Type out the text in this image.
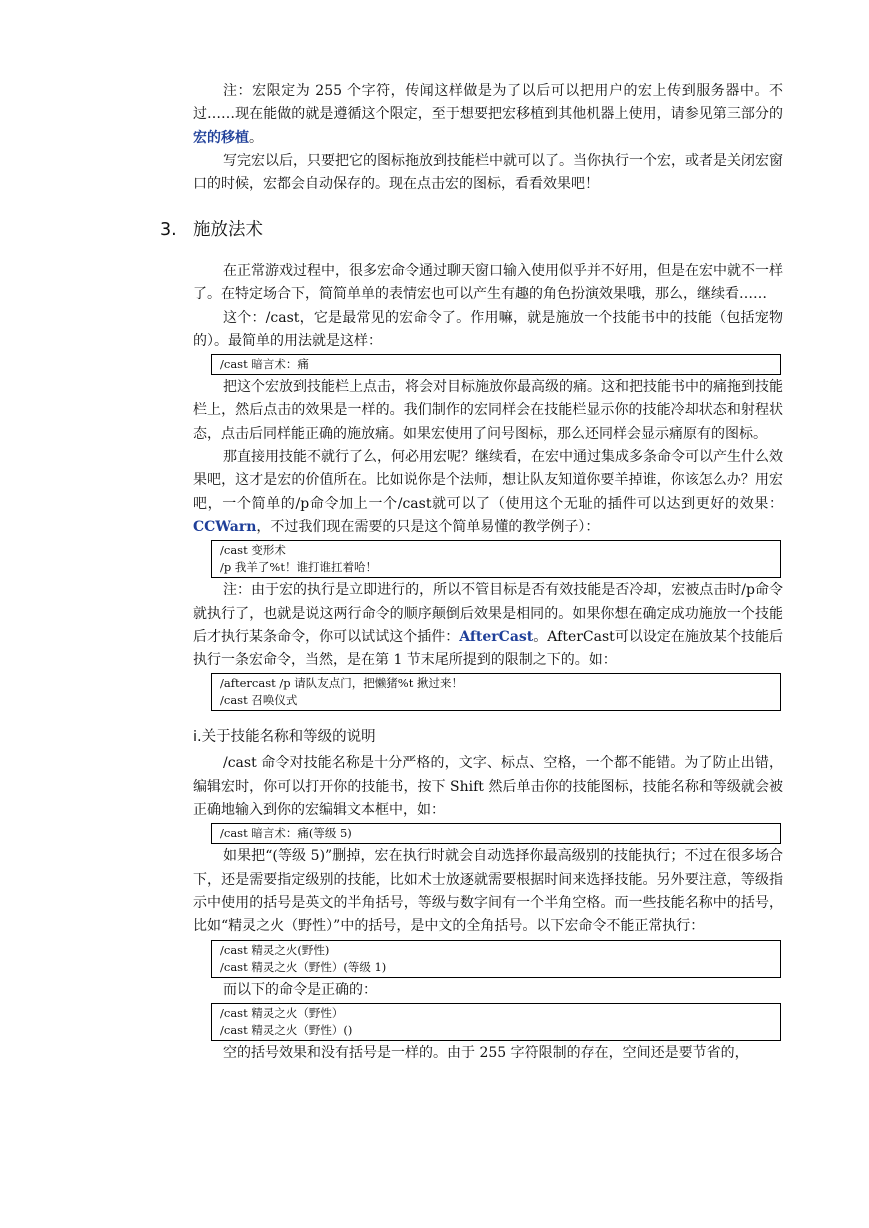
注：宏限定为 255 个字符，传闻这样做是为了以后可以把用户的宏上传到服务器中。不过……现在能做的就是遵循这个限定，至于想要把宏移植到其他机器上使用，请参见第三部分的宏的移植。

写完宏以后，只要把它的图标拖放到技能栏中就可以了。当你执行一个宏，或者是关闭宏窗口的时候，宏都会自动保存的。现在点击宏的图标，看看效果吧！

3. 施放法术

在正常游戏过程中，很多宏命令通过聊天窗口输入使用似乎并不好用，但是在宏中就不一样了。在特定场合下，简简单单的表情宏也可以产生有趣的角色扮演效果哦，那么，继续看……

这个：/cast，它是最常见的宏命令了。作用嘛，就是施放一个技能书中的技能（包括宠物的）。最简单的用法就是这样：

/cast 暗言术：痛

把这个宏放到技能栏上点击，将会对目标施放你最高级的痛。这和把技能书中的痛拖到技能栏上，然后点击的效果是一样的。我们制作的宏同样会在技能栏显示你的技能冷却状态和射程状态，点击后同样能正确的施放痛。如果宏使用了问号图标，那么还同样会显示痛原有的图标。

那直接用技能不就行了么，何必用宏呢？继续看，在宏中通过集成多条命令可以产生什么效果吧，这才是宏的价值所在。比如说你是个法师，想让队友知道你要羊掉谁，你该怎么办？用宏吧，一个简单的/p命令加上一个/cast就可以了（使用这个无耻的插件可以达到更好的效果：CCWarn，不过我们现在需要的只是这个简单易懂的教学例子）：

/cast 变形术
/p 我羊了%t！谁打谁扛着哈！

注：由于宏的执行是立即进行的，所以不管目标是否有效技能是否冷却，宏被点击时/p命令就执行了，也就是说这两行命令的顺序颠倒后效果是相同的。如果你想在确定成功施放一个技能后才执行某条命令，你可以试试这个插件：AfterCast。AfterCast可以设定在施放某个技能后执行一条宏命令，当然，是在第 1 节末尾所提到的限制之下的。如：

/aftercast /p 请队友点门，把懒猪%t 揪过来！
/cast 召唤仪式
i.关于技能名称和等级的说明

/cast 命令对技能名称是十分严格的，文字、标点、空格，一个都不能错。为了防止出错，编辑宏时，你可以打开你的技能书，按下 Shift 然后单击你的技能图标，技能名称和等级就会被正确地输入到你的宏编辑文本框中，如：

/cast 暗言术：痛(等级 5)

如果把“(等级 5)”删掉，宏在执行时就会自动选择你最高级别的技能执行；不过在很多场合下，还是需要指定级别的技能，比如术士放逐就需要根据时间来选择技能。另外要注意，等级指示中使用的括号是英文的半角括号，等级与数字间有一个半角空格。而一些技能名称中的括号，比如“精灵之火（野性）”中的括号，是中文的全角括号。以下宏命令不能正常执行：

/cast 精灵之火(野性)
/cast 精灵之火（野性）(等级 1)

而以下的命令是正确的：

/cast 精灵之火（野性）
/cast 精灵之火（野性）()

空的括号效果和没有括号是一样的。由于 255 字符限制的存在，空间还是要节省的，
